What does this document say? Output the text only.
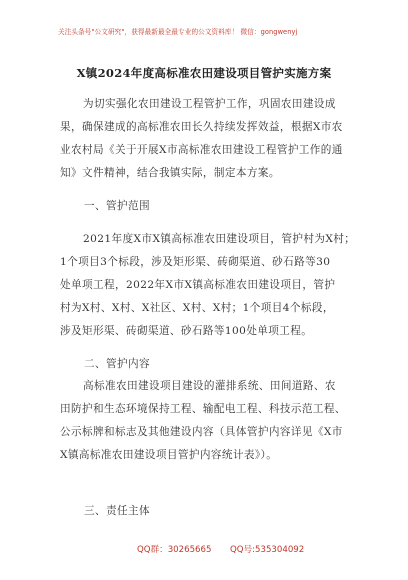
关注头条号"公文研究"，获得最新最全最专业的公文资料库！ 微信：gongwenyj
X镇2024年度高标准农田建设项目管护实施方案

为切实强化农田建设工程管护工作，巩固农田建设成
果，确保建成的高标准农田长久持续发挥效益，根据X市农
业农村局《关于开展X市高标准农田建设工程管护工作的通
知》文件精神，结合我镇实际，制定本方案。

一、管护范围

2021年度X市X镇高标准农田建设项目，管护村为X村；
1个项目3个标段，涉及矩形渠、砖砌渠道、砂石路等30
处单项工程，2022年X市X镇高标准农田建设项目，管护
村为X村、X村、X社区、X村、X村；1个项目4个标段，
涉及矩形渠、砖砌渠道、砂石路等100处单项工程。

二、管护内容

高标准农田建设项目建设的灌排系统、田间道路、农
田防护和生态环境保持工程、输配电工程、科技示范工程、
公示标牌和标志及其他建设内容（具体管护内容详见《X市
X镇高标准农田建设项目管护内容统计表》）。

三、责任主体
QQ群：30265665 QQ号:535304092
